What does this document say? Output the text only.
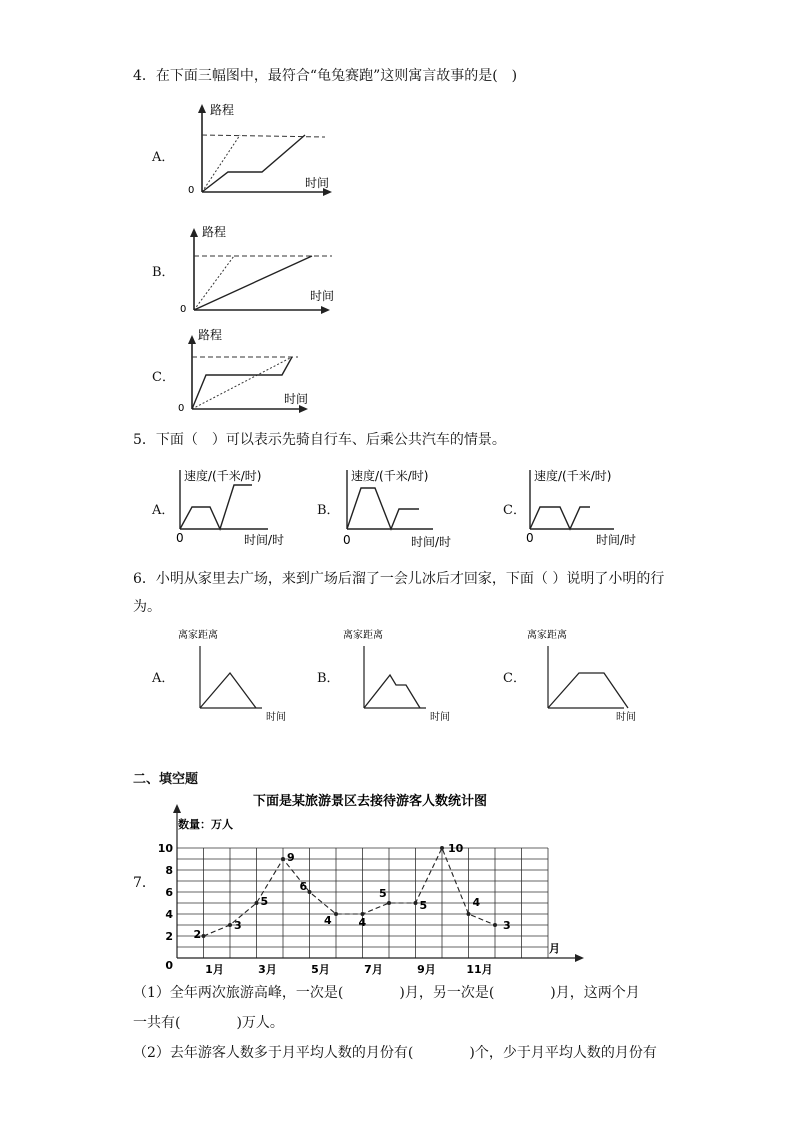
4．在下面三幅图中，最符合“龟兔赛跑”这则寓言故事的是(　)
A．
路程
时间
0
B．
路程
时间
0
C．
路程
时间
0
5．下面（　）可以表示先骑自行车、后乘公共汽车的情景。
A．
速度/(千米/时)
时间/时
0
B．
速度/(千米/时)
时间/时
0
C．
速度/(千米/时)
时间/时
0
6．小明从家里去广场，来到广场后溜了一会儿冰后才回家，下面（ ）说明了小明的行
为。
A．
离家距离
时间
B．
离家距离
时间
C．
离家距离
时间
二、填空题
7．
下面是某旅游景区去接待游客人数统计图
数量：万人
月
10
8
6
4
2
0	1月	3月	5月	7月	9月	11月
2
3
5
9
6
4 4
5
5
10
4
3
（1）全年两次旅游高峰，一次是(　　　　)月，另一次是(　　　　)月，这两个月
一共有(　　　　)万人。
（2）去年游客人数多于月平均人数的月份有(　　　　)个，少于月平均人数的月份有
